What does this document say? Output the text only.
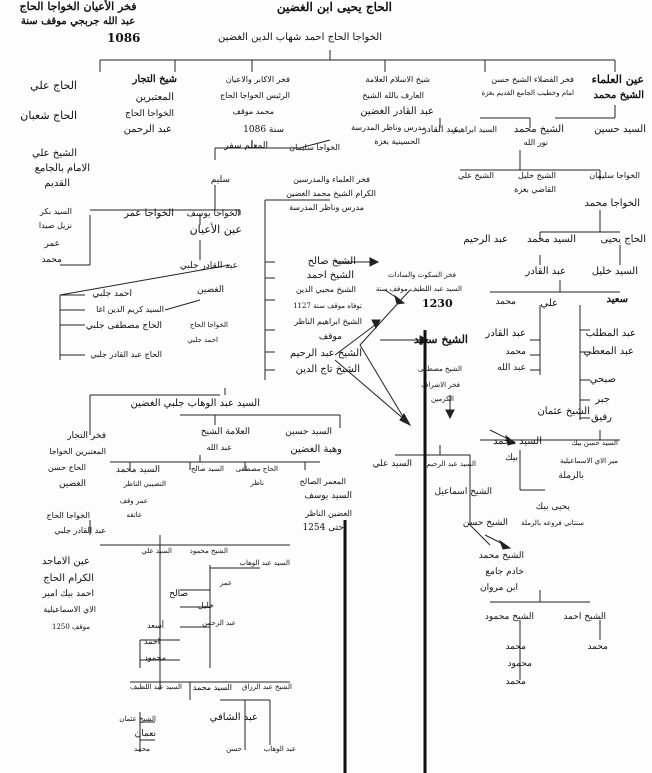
الحاج يحيى ابن الغضين
الخواجا الحاج احمد شهاب الدين الغضين
فخر الأعيان الخواجا الحاج
عبد الله جربجي موقف سنة
1086
عين العلماء
الشيخ محمد
فخر الفضلاء الشيخ حسن
امام وخطيب الجامع القديم بغزة
شيخ الاسلام العلامة
العارف بالله الشيخ
عبد القادر الغضين
مدرس وناظر المدرسة
الحسينية بغزة
فخر الاكابر والاعيان
الرئيس الخواجا الحاج
محمد موقف
سنة 1086
شيخ التجار
المعتبرين
الخواجا الحاج
عبد الرحمن
الحاج علي
الحاج شعبان
الشيخ علي
الامام بالجامع
القديم
السيد حسين
الشيخ محمد
نور الله
السيد ابراهيم
عبد القادر
الخواجا سليمان
الشيخ خليل
القاضي بغزة
الشيخ علي
الخواجا محمد
الحاج يحيى
السيد محمد
عبد الرحيم
السيد خليل
عبد القادر
المعلم سفر	الخواجا سليمان
سليم	فخر العلماء والمدرسين
الكرام الشيخ محمد الغضين
مدرس وناظر المدرسة
الخواجا يوسف
الخواجا عمر
السيد بكر
نزيل صيدا
عمر
محمد
عين الأعيان
عبد القادر جلبي
الغضين
احمد جلبي
السيد كريم الدين اغا
الحاج مصطفى جلبي
الحاج عبد القادر جلبي
الخواجا الحاج
احمد جلبي
الشيخ صالح
الشيخ احمد
الشيخ محيي الدين
توفاه موقف سنة 1127
الشيخ ابراهيم الناظر
موقف
الشيخ عبد الرحيم
الشيخ تاج الدين
فخر السكوت والسادات
السيد عبد اللطيف موقف سنة
1230
الشيخ سعيد
الشيخ مصطفى
فخر الاشراف
الكرمين
سعيد
علي
محمد
عبد المطلب
عبد المعطي
صبحي
جبر
رفيق
عبد القادر
محمد
عبد الله
الشيخ عثمان
السيد محمد
بيك
السيد حسن بيك
مير الاي الاسماعيلية
بالرملة
يحيى بيك
سنتاني فروعه بالرملة
السيد عبد الوهاب جلبي الغضين
العلامة الشيخ
عبد الله
السيد حسين
وهبة الغضين
فخر التجار
المعتبرين الخواجا
الحاج حسن
الغضين
الخواجا الحاج
عبد القادر جلبي
السيد محمد
النصيبي الناظر
عمر وقف
عاتقه
السيد صالح الحاج مصطفى
ناظر	المعمر الصالح
السيد يوسف
الغضين الناظر
حتى 1254
عين الاماجد
الكرام الحاج
احمد بيك امير
الاي الاسماعيلية
موقف 1250
السيد علي السيد عبد الرحيم
الشيخ اسماعيل
الشيخ حسن
الشيخ محمد
خادم جامع
ابن مروان
الشيخ محمود	الشيخ احمد
محمد
محمد
محمود
محمد
السيد علي	الشيخ محمود
السيد عبد الوهاب
عمر
صالح
خليل
عبد الرحمن
أسعد
احمد
محمود
السيد عبد اللطيف السيد محمد الشيخ عبد الرزاق
عبد الشافي
الشيخ عثمان
نعمان
محمد	حسن	عبد الوهاب
